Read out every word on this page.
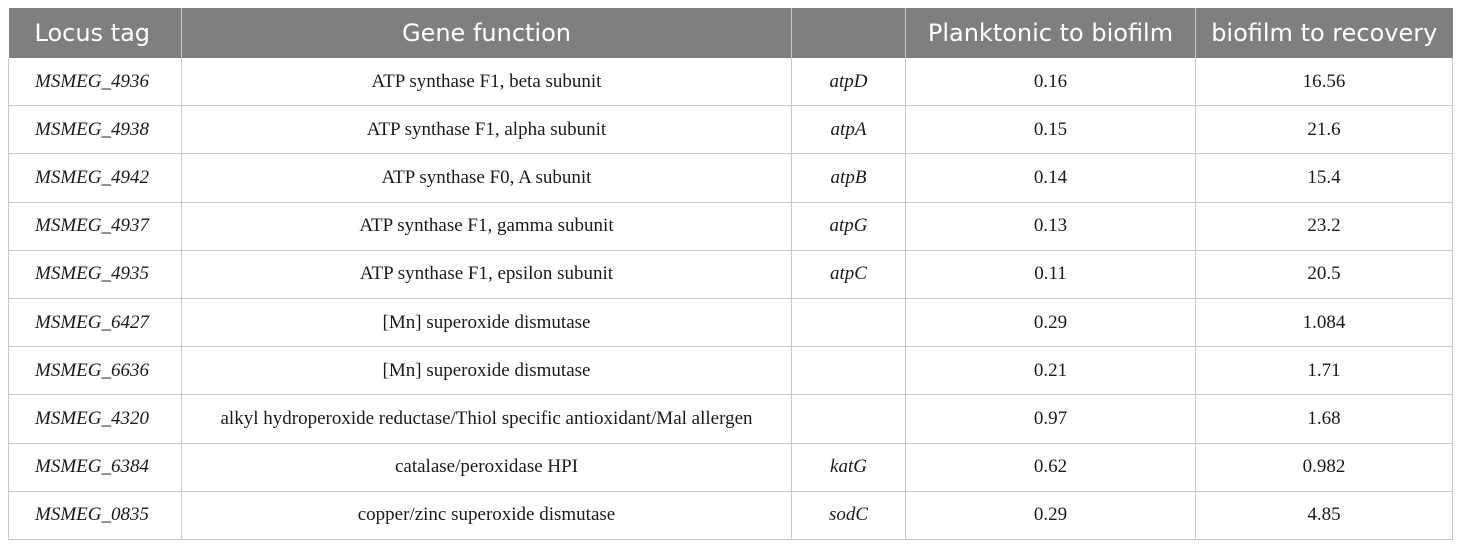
Locus tag	Gene function		Planktonic to biofilm	biofilm to recovery
MSMEG_4936	ATP synthase F1, beta subunit	atpD	0.16	16.56
MSMEG_4938	ATP synthase F1, alpha subunit	atpA	0.15	21.6
MSMEG_4942	ATP synthase F0, A subunit	atpB	0.14	15.4
MSMEG_4937	ATP synthase F1, gamma subunit	atpG	0.13	23.2
MSMEG_4935	ATP synthase F1, epsilon subunit	atpC	0.11	20.5
MSMEG_6427	[Mn] superoxide dismutase		0.29	1.084
MSMEG_6636	[Mn] superoxide dismutase		0.21	1.71
MSMEG_4320	alkyl hydroperoxide reductase/Thiol specific antioxidant/Mal allergen		0.97	1.68
MSMEG_6384	catalase/peroxidase HPI	katG	0.62	0.982
MSMEG_0835	copper/zinc superoxide dismutase	sodC	0.29	4.85
